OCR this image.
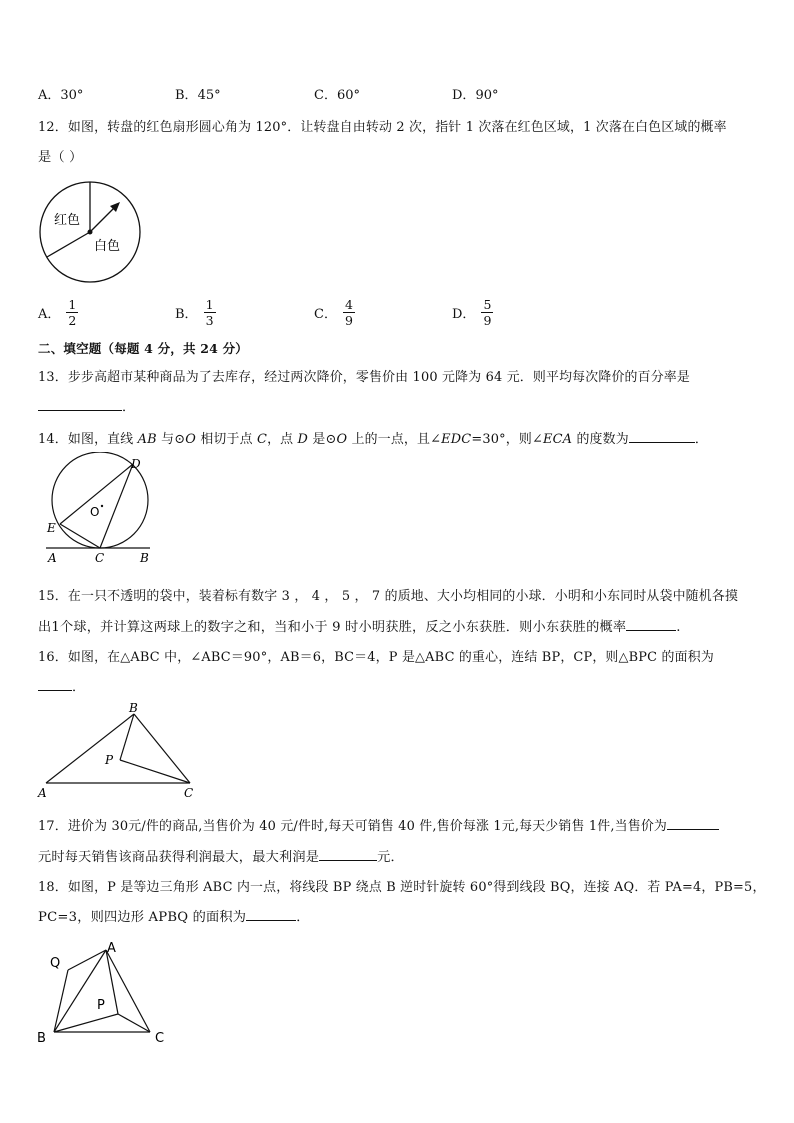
A．30°	B．45°	C．60°	D．90°
12．如图，转盘的红色扇形圆心角为 120°．让转盘自由转动 2 次，指针 1 次落在红色区域，1 次落在白色区域的概率
是（ ）
红色
白色
A． $\frac{1}{2}$	B． $\frac{1}{3}$	C． $\frac{4}{9}$	D． $\frac{5}{9}$
二、填空题（每题 4 分，共 24 分）
13．步步高超市某种商品为了去库存，经过两次降价，零售价由 100 元降为 64 元．则平均每次降价的百分率是
．
14．如图，直线 AB 与⊙O 相切于点 C，点 D 是⊙O 上的一点，且∠EDC=30°，则∠ECA 的度数为	．
D
O
E
A	C	B
15．在一只不透明的袋中，装着标有数字 3 ， 4 ， 5 ， 7 的质地、大小均相同的小球．小明和小东同时从袋中随机各摸
出1个球，并计算这两球上的数字之和，当和小于 9 时小明获胜，反之小东获胜．则小东获胜的概率	.
16．如图，在△ABC 中，∠ABC＝90°，AB＝6，BC＝4，P 是△ABC 的重心，连结 BP，CP，则△BPC 的面积为
．
B
P
A	C
17．进价为 30元/件的商品,当售价为 40 元/件时,每天可销售 40 件,售价每涨 1元,每天少销售 1件,当售价为
元时每天销售该商品获得利润最大，最大利润是	元．
18．如图，P 是等边三角形 ABC 内一点，将线段 BP 绕点 B 逆时针旋转 60°得到线段 BQ，连接 AQ．若 PA=4，PB=5，
PC=3，则四边形 APBQ 的面积为	．
Q
A
P
B	C
